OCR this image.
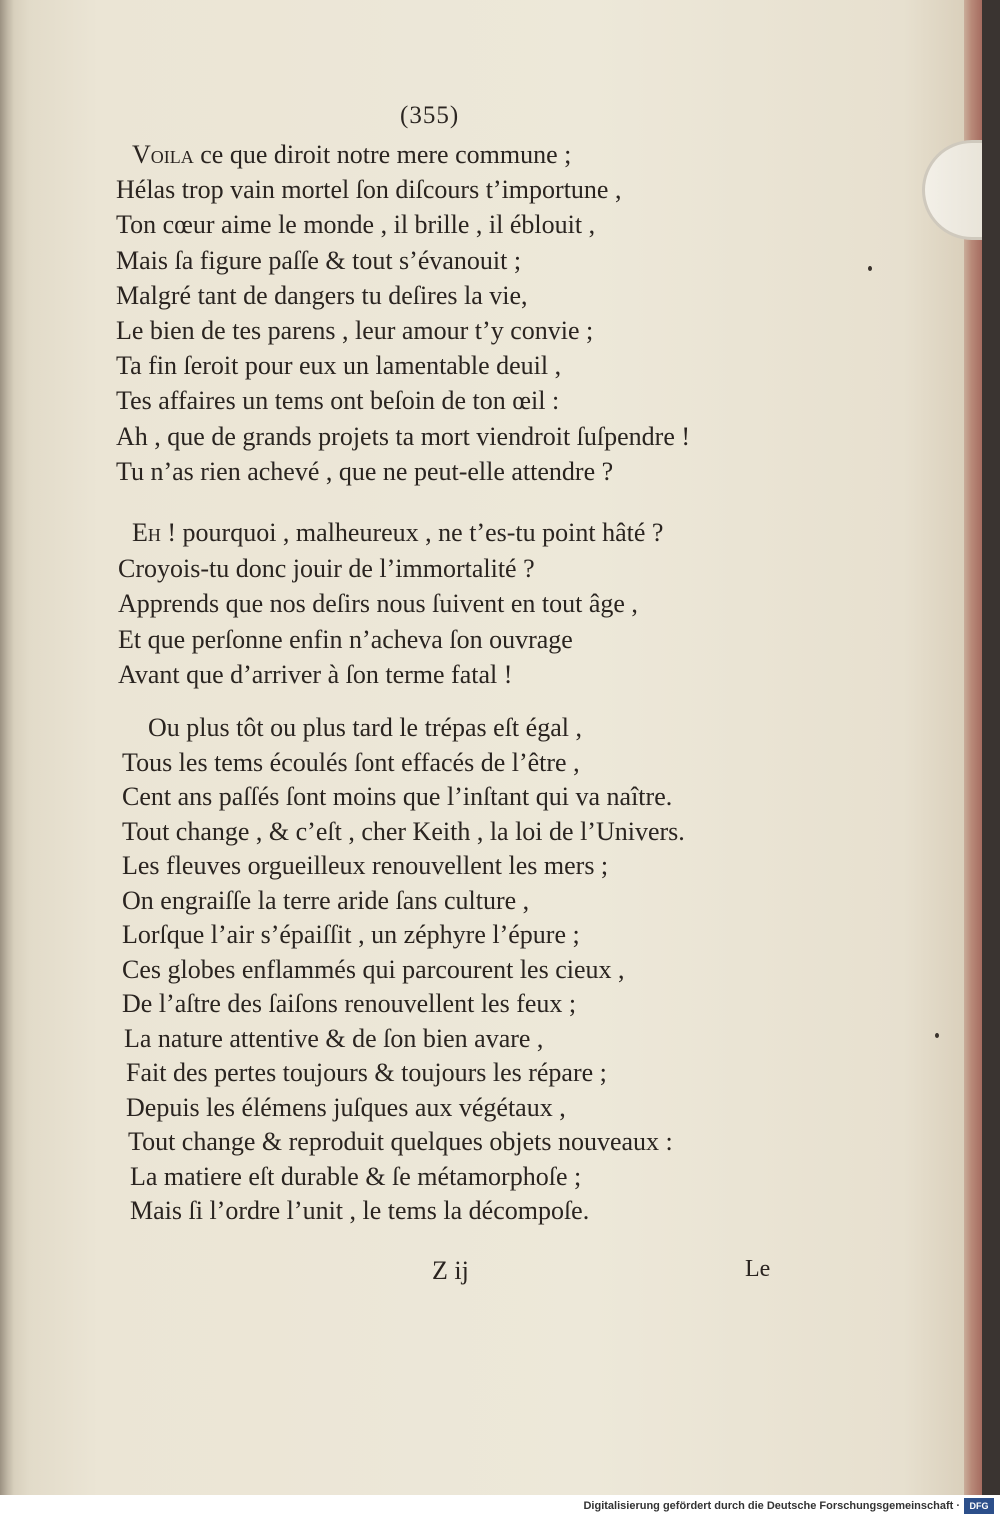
(355)
Voila ce que diroit notre mere commune ;
Hélas trop vain mortel ſon diſcours t’importune ,
Ton cœur aime le monde , il brille , il éblouit ,
Mais ſa figure paſſe & tout s’évanouit ;
Malgré tant de dangers tu deſires la vie,
Le bien de tes parens , leur amour t’y convie ;
Ta fin ſeroit pour eux un lamentable deuil ,
Tes affaires un tems ont beſoin de ton œil :
Ah , que de grands projets ta mort viendroit ſuſpendre !
Tu n’as rien achevé , que ne peut-elle attendre ?
Eh ! pourquoi , malheureux , ne t’es-tu point hâté ?
Croyois-tu donc jouir de l’immortalité ?
Apprends que nos deſirs nous ſuivent en tout âge ,
Et que perſonne enfin n’acheva ſon ouvrage
Avant que d’arriver à ſon terme fatal !
Ou plus tôt ou plus tard le trépas eſt égal ,
Tous les tems écoulés ſont effacés de l’être ,
Cent ans paſſés ſont moins que l’inſtant qui va naître.
Tout change , & c’eſt , cher Keith , la loi de l’Univers.
Les fleuves orgueilleux renouvellent les mers ;
On engraiſſe la terre aride ſans culture ,
Lorſque l’air s’épaiſſit , un zéphyre l’épure ;
Ces globes enflammés qui parcourent les cieux ,
De l’aſtre des ſaiſons renouvellent les feux ;
La nature attentive & de ſon bien avare ,
Fait des pertes toujours & toujours les répare ;
Depuis les élémens juſques aux végétaux ,
Tout change & reproduit quelques objets nouveaux :
La matiere eſt durable & ſe métamorphoſe ;
Mais ſi l’ordre l’unit , le tems la décompoſe.
Z ij	Le
Digitalisierung gefördert durch die Deutsche Forschungsgemeinschaft ·	DFG
